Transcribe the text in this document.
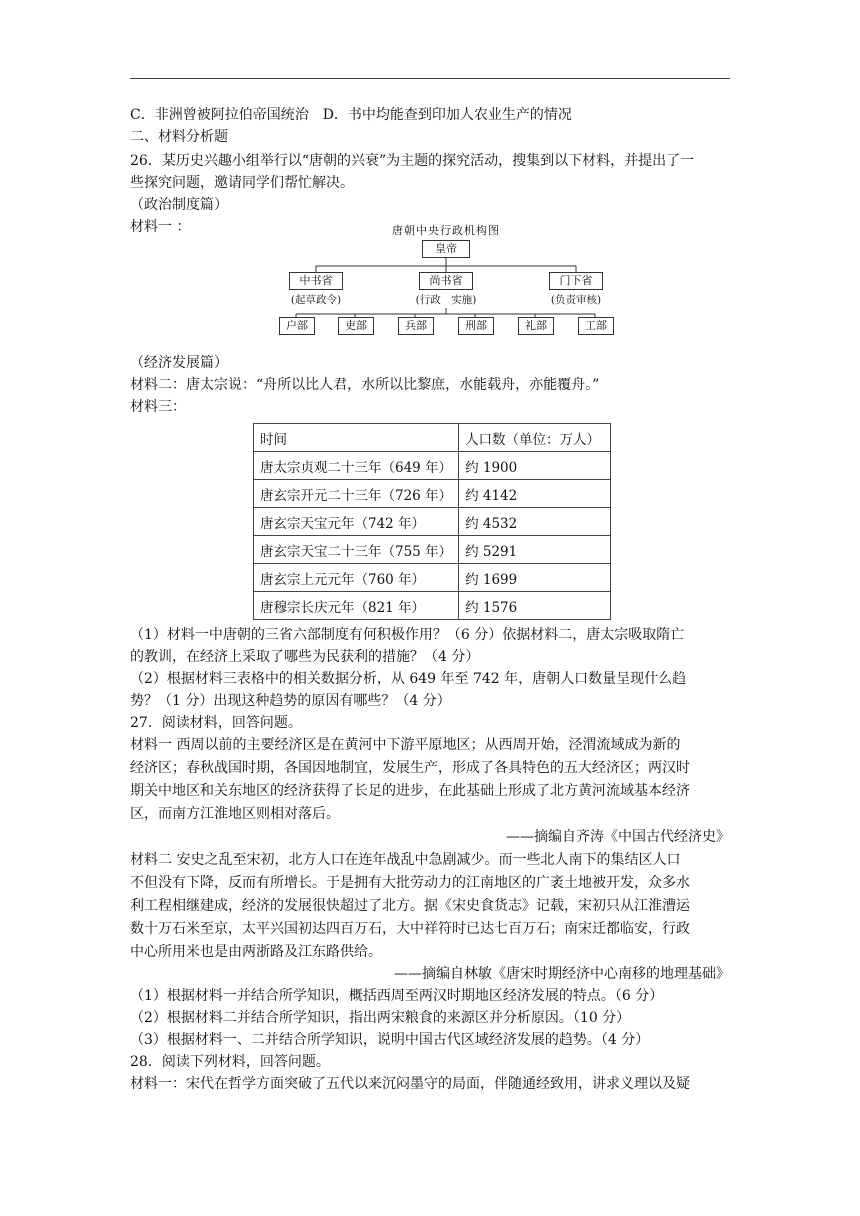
C．非洲曾被阿拉伯帝国统治　D．书中均能查到印加人农业生产的情况
二、材料分析题
26．某历史兴趣小组举行以“唐朝的兴衰”为主题的探究活动，搜集到以下材料，并提出了一
些探究问题，邀请同学们帮忙解决。
（政治制度篇）
材料一 ：	唐朝中央行政机构图
皇帝
中书省	尚书省	门下省
(起草政令)	(行政　实施)	(负责审核)
户部	吏部	兵部	刑部	礼部	工部
（经济发展篇）
材料二：唐太宗说：“舟所以比人君，水所以比黎庶，水能载舟，亦能覆舟。”
材料三：
时间	人口数（单位：万人）
唐太宗贞观二十三年（649 年）	约 1900
唐玄宗开元二十三年（726 年）	约 4142
唐玄宗天宝元年（742 年）	约 4532
唐玄宗天宝二十三年（755 年）	约 5291
唐玄宗上元元年（760 年）	约 1699
唐穆宗长庆元年（821 年）	约 1576
（1）材料一中唐朝的三省六部制度有何积极作用？（6 分）依据材料二，唐太宗吸取隋亡
的教训，在经济上采取了哪些为民获利的措施？（4 分）
（2）根据材料三表格中的相关数据分析，从 649 年至 742 年，唐朝人口数量呈现什么趋
势？（1 分）出现这种趋势的原因有哪些？（4 分）
27．阅读材料，回答问题。
材料一 西周以前的主要经济区是在黄河中下游平原地区；从西周开始，泾渭流域成为新的
经济区；春秋战国时期，各国因地制宜，发展生产，形成了各具特色的五大经济区；两汉时
期关中地区和关东地区的经济获得了长足的进步，在此基础上形成了北方黄河流域基本经济
区，而南方江淮地区则相对落后。
——摘编自齐涛《中国古代经济史》
材料二 安史之乱至宋初，北方人口在连年战乱中急剧减少。而一些北人南下的集结区人口
不但没有下降，反而有所增长。于是拥有大批劳动力的江南地区的广袤土地被开发，众多水
利工程相继建成，经济的发展很快超过了北方。据《宋史食货志》记载，宋初只从江淮漕运
数十万石米至京，太平兴国初达四百万石，大中祥符时已达七百万石；南宋迁都临安，行政
中心所用米也是由两浙路及江东路供给。
——摘编自林敏《唐宋时期经济中心南移的地理基础》
（1）根据材料一并结合所学知识，概括西周至两汉时期地区经济发展的特点。（6 分）
（2）根据材料二并结合所学知识，指出两宋粮食的来源区并分析原因。（10 分）
（3）根据材料一、二并结合所学知识，说明中国古代区域经济发展的趋势。（4 分）
28．阅读下列材料，回答问题。
材料一：宋代在哲学方面突破了五代以来沉闷墨守的局面，伴随通经致用，讲求义理以及疑
